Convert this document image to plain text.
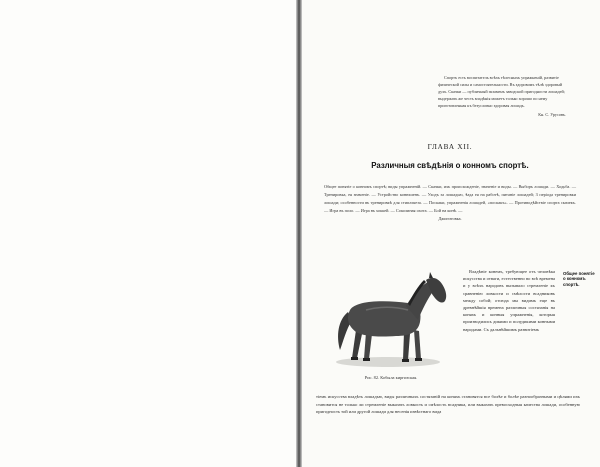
Спортъ есть воспитатель всѣхъ тѣлесныхъ упражненій, развитіе физической силы и самостоятельности. Въ здоровомъ тѣлѣ здоровый духъ. Скачки — публичный экзаменъ заводской пригодности лошадей; выдержать же честь владѣнія можетъ только хорошо по нему приготовленная къ безусловно здоровая лошадь.

Кн. С. Урусовъ.
ГЛАВА XII.
Различныя свѣдѣнія о конномъ спортѣ.
Общее понятіе о конномъ спортѣ; виды упражненій. — Скачки, ихъ происхожденіе, значеніе и виды. — Выборъ лошади. — Ходьба. — Тренировка, ея значеніе. — Устройство конюшенъ. — Уходъ за лошадью, ѣзда ея на работѣ, питаніе лошадей; 3 періода тренировки лошади; особенности въ тренировкѣ для стипльчеза. — Поскаки, упражненія лошадей, «поскакъ». — Противодѣйствіе спорта скачекъ. — Игра въ поло. — Игра въ хоккей. — Соколиная охота. — Бой на конѣ. —
Джигитовка.
Рис. 82. Кобыла киргизская.

Владѣніе конемъ, требующее отъ человѣка искусства и отваги, естественно во всѣ времена и у всѣхъ народовъ вызывало стремленіе къ сравненію ловкости и смѣлости всадниковъ между собой; отсюда мы видимъ еще въ древнѣйшія времена различныя состязанія на коняхъ и конныя упражненія, которыя производились дикими и полудикими конными народами. Съ дальнѣйшимъ развитіемъ

Общее понятіе о конномъ спортѣ.
тіемъ искусства владѣть лошадью, виды различныхъ состязаній на коняхъ становятся все болѣе и болѣе разнообразными и цѣлями ихъ становится не только ли стремленіе выказать ловкость и смѣлость всадника, или выказать превосходныя качества лошади, особенную пригодность той или другой лошади для несенія извѣстнаго вида
